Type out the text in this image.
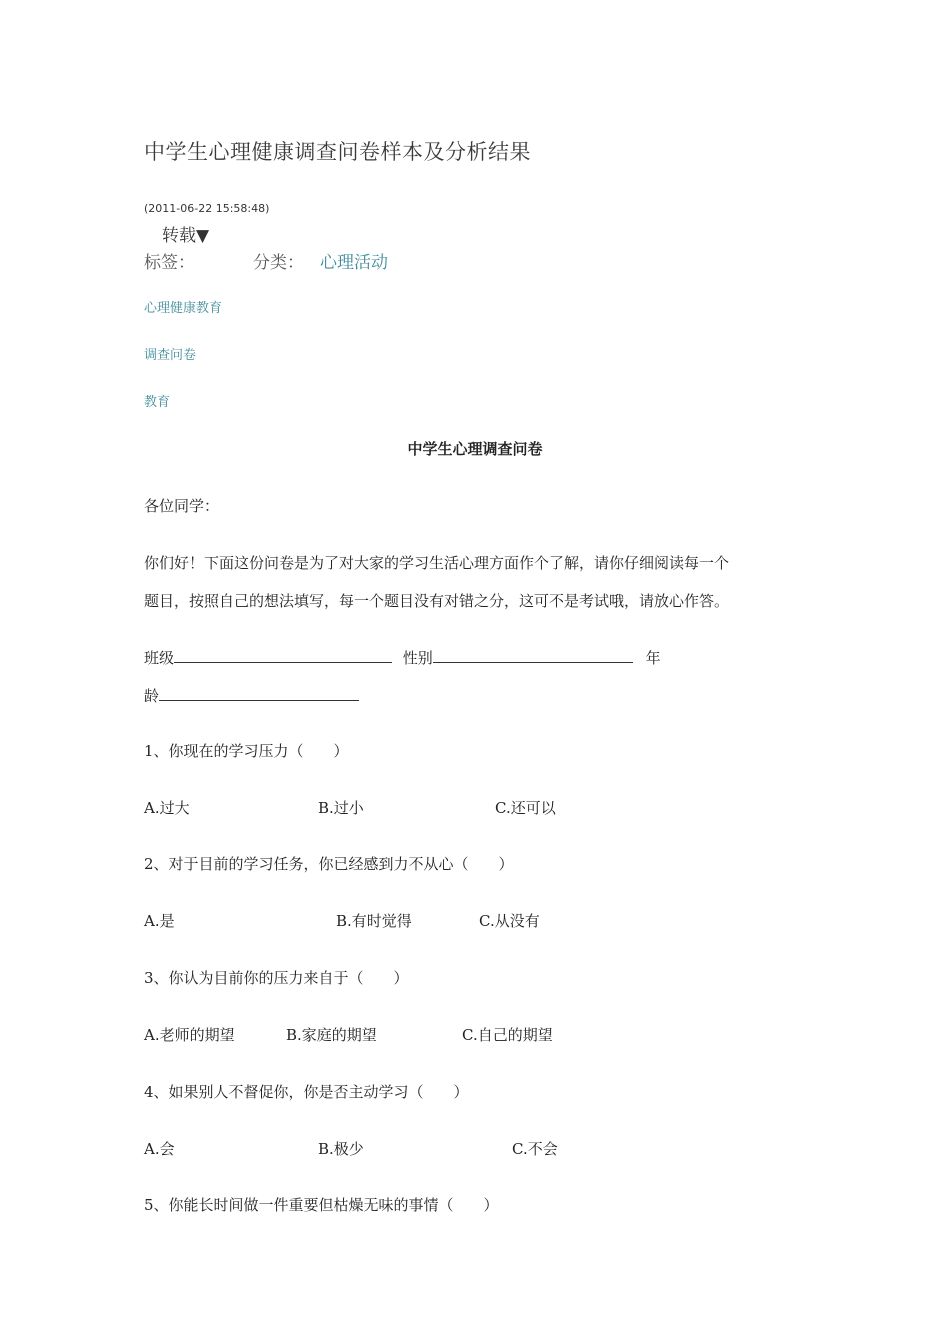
中学生心理健康调查问卷样本及分析结果
(2011-06-22 15:58:48)
转载▼
标签：	分类： 心理活动
心理健康教育
调查问卷
教育
中学生心理调查问卷
各位同学：
你们好！下面这份问卷是为了对大家的学习生活心理方面作个了解，请你仔细阅读每一个
题目，按照自己的想法填写，每一个题目没有对错之分，这可不是考试哦，请放心作答。
班级	性别	年
龄
1、你现在的学习压力（　　）
A.过大	B.过小	C.还可以
2、对于目前的学习任务，你已经感到力不从心（　　）
A.是	B.有时觉得	C.从没有
3、你认为目前你的压力来自于（　　）
A.老师的期望	B.家庭的期望	C.自己的期望
4、如果别人不督促你，你是否主动学习（　　）
A.会	B.极少	C.不会
5、你能长时间做一件重要但枯燥无味的事情（　　）
